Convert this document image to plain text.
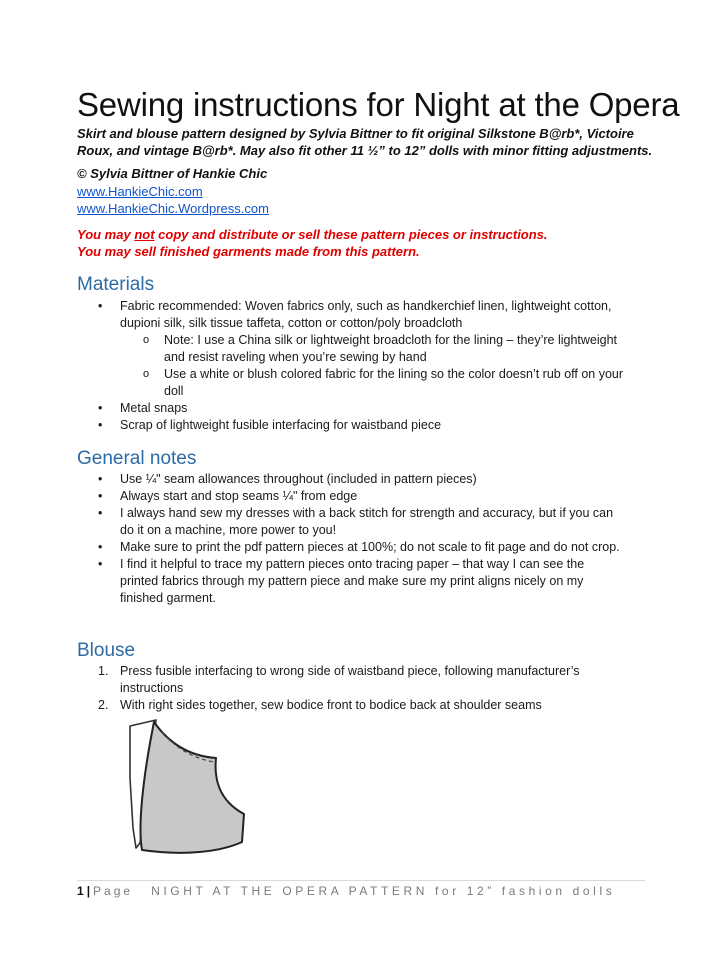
Sewing instructions for Night at the Opera

Skirt and blouse pattern designed by Sylvia Bittner to fit original Silkstone B@rb*, Victoire Roux, and vintage B@rb*. May also fit other 11 ½” to 12” dolls with minor fitting adjustments.

© Sylvia Bittner of Hankie Chic

www.HankieChic.com
www.HankieChic.Wordpress.com

You may not copy and distribute or sell these pattern pieces or instructions.
You may sell finished garments made from this pattern.

Materials
•	Fabric recommended: Woven fabrics only, such as handkerchief linen, lightweight cotton, dupioni silk, silk tissue taffeta, cotton or cotton/poly broadcloth
o	Note: I use a China silk or lightweight broadcloth for the lining – they’re lightweight and resist raveling when you’re sewing by hand
o	Use a white or blush colored fabric for the lining so the color doesn’t rub off on your doll
•	Metal snaps
•	Scrap of lightweight fusible interfacing for waistband piece
General notes
•	Use ¼" seam allowances throughout (included in pattern pieces)
•	Always start and stop seams ¼" from edge
•	I always hand sew my dresses with a back stitch for strength and accuracy, but if you can do it on a machine, more power to you!
•	Make sure to print the pdf pattern pieces at 100%; do not scale to fit page and do not crop.
•	I find it helpful to trace my pattern pieces onto tracing paper – that way I can see the printed fabrics through my pattern piece and make sure my print aligns nicely on my finished garment.
Blouse
1. Press fusible interfacing to wrong side of waistband piece, following manufacturer’s instructions
2. With right sides together, sew bodice front to bodice back at shoulder seams
1 | Page NIGHT AT THE OPERA PATTERN for 12” fashion dolls
